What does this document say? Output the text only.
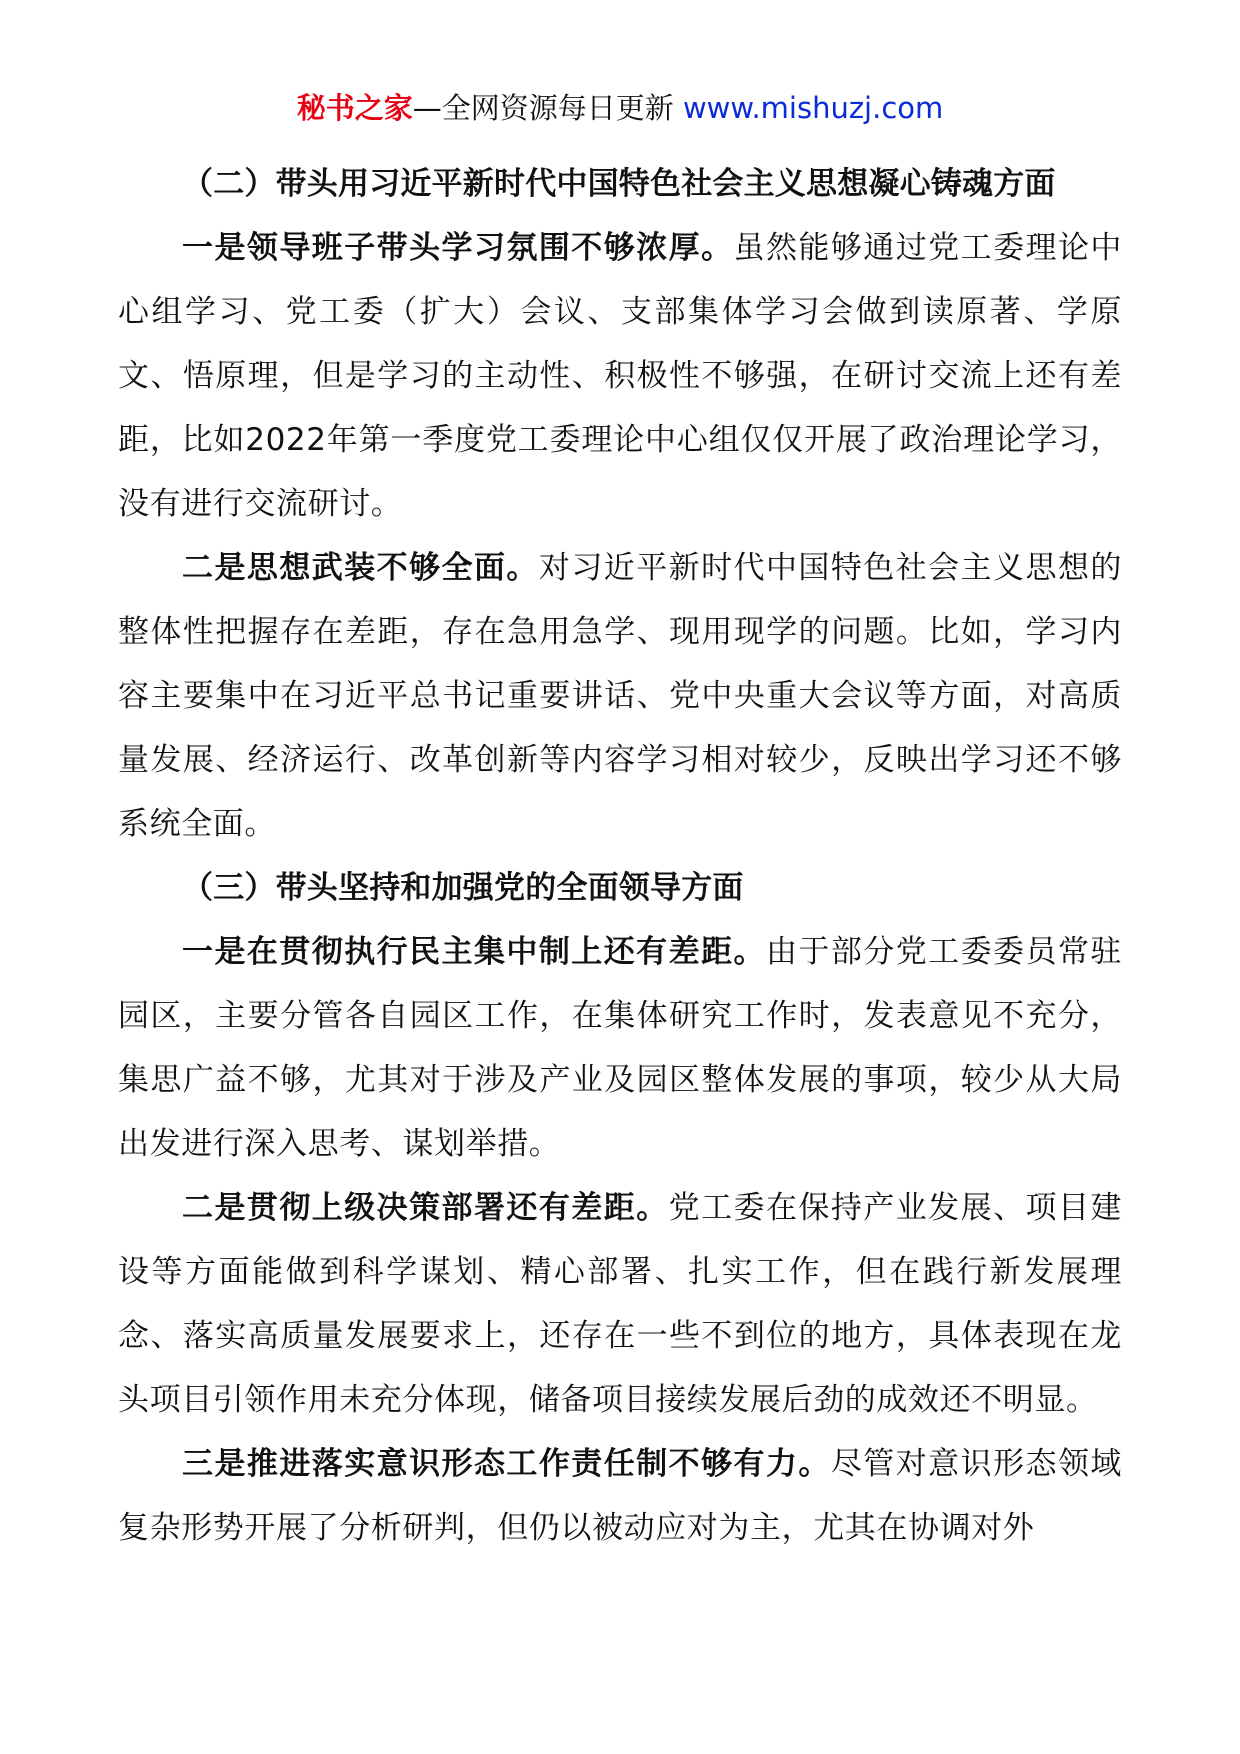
秘书之家—全网资源每日更新 www.mishuzj.com

（二）带头用习近平新时代中国特色社会主义思想凝心铸魂方面

一是领导班子带头学习氛围不够浓厚。虽然能够通过党工委理论中心组学习、党工委（扩大）会议、支部集体学习会做到读原著、学原文、悟原理，但是学习的主动性、积极性不够强，在研讨交流上还有差距，比如2022年第一季度党工委理论中心组仅仅开展了政治理论学习，没有进行交流研讨。

二是思想武装不够全面。对习近平新时代中国特色社会主义思想的整体性把握存在差距，存在急用急学、现用现学的问题。比如，学习内容主要集中在习近平总书记重要讲话、党中央重大会议等方面，对高质量发展、经济运行、改革创新等内容学习相对较少，反映出学习还不够系统全面。

（三）带头坚持和加强党的全面领导方面

一是在贯彻执行民主集中制上还有差距。由于部分党工委委员常驻园区，主要分管各自园区工作，在集体研究工作时，发表意见不充分，集思广益不够，尤其对于涉及产业及园区整体发展的事项，较少从大局出发进行深入思考、谋划举措。

二是贯彻上级决策部署还有差距。党工委在保持产业发展、项目建设等方面能做到科学谋划、精心部署、扎实工作，但在践行新发展理念、落实高质量发展要求上，还存在一些不到位的地方，具体表现在龙头项目引领作用未充分体现，储备项目接续发展后劲的成效还不明显。

三是推进落实意识形态工作责任制不够有力。尽管对意识形态领域复杂形势开展了分析研判，但仍以被动应对为主，尤其在协调对外
